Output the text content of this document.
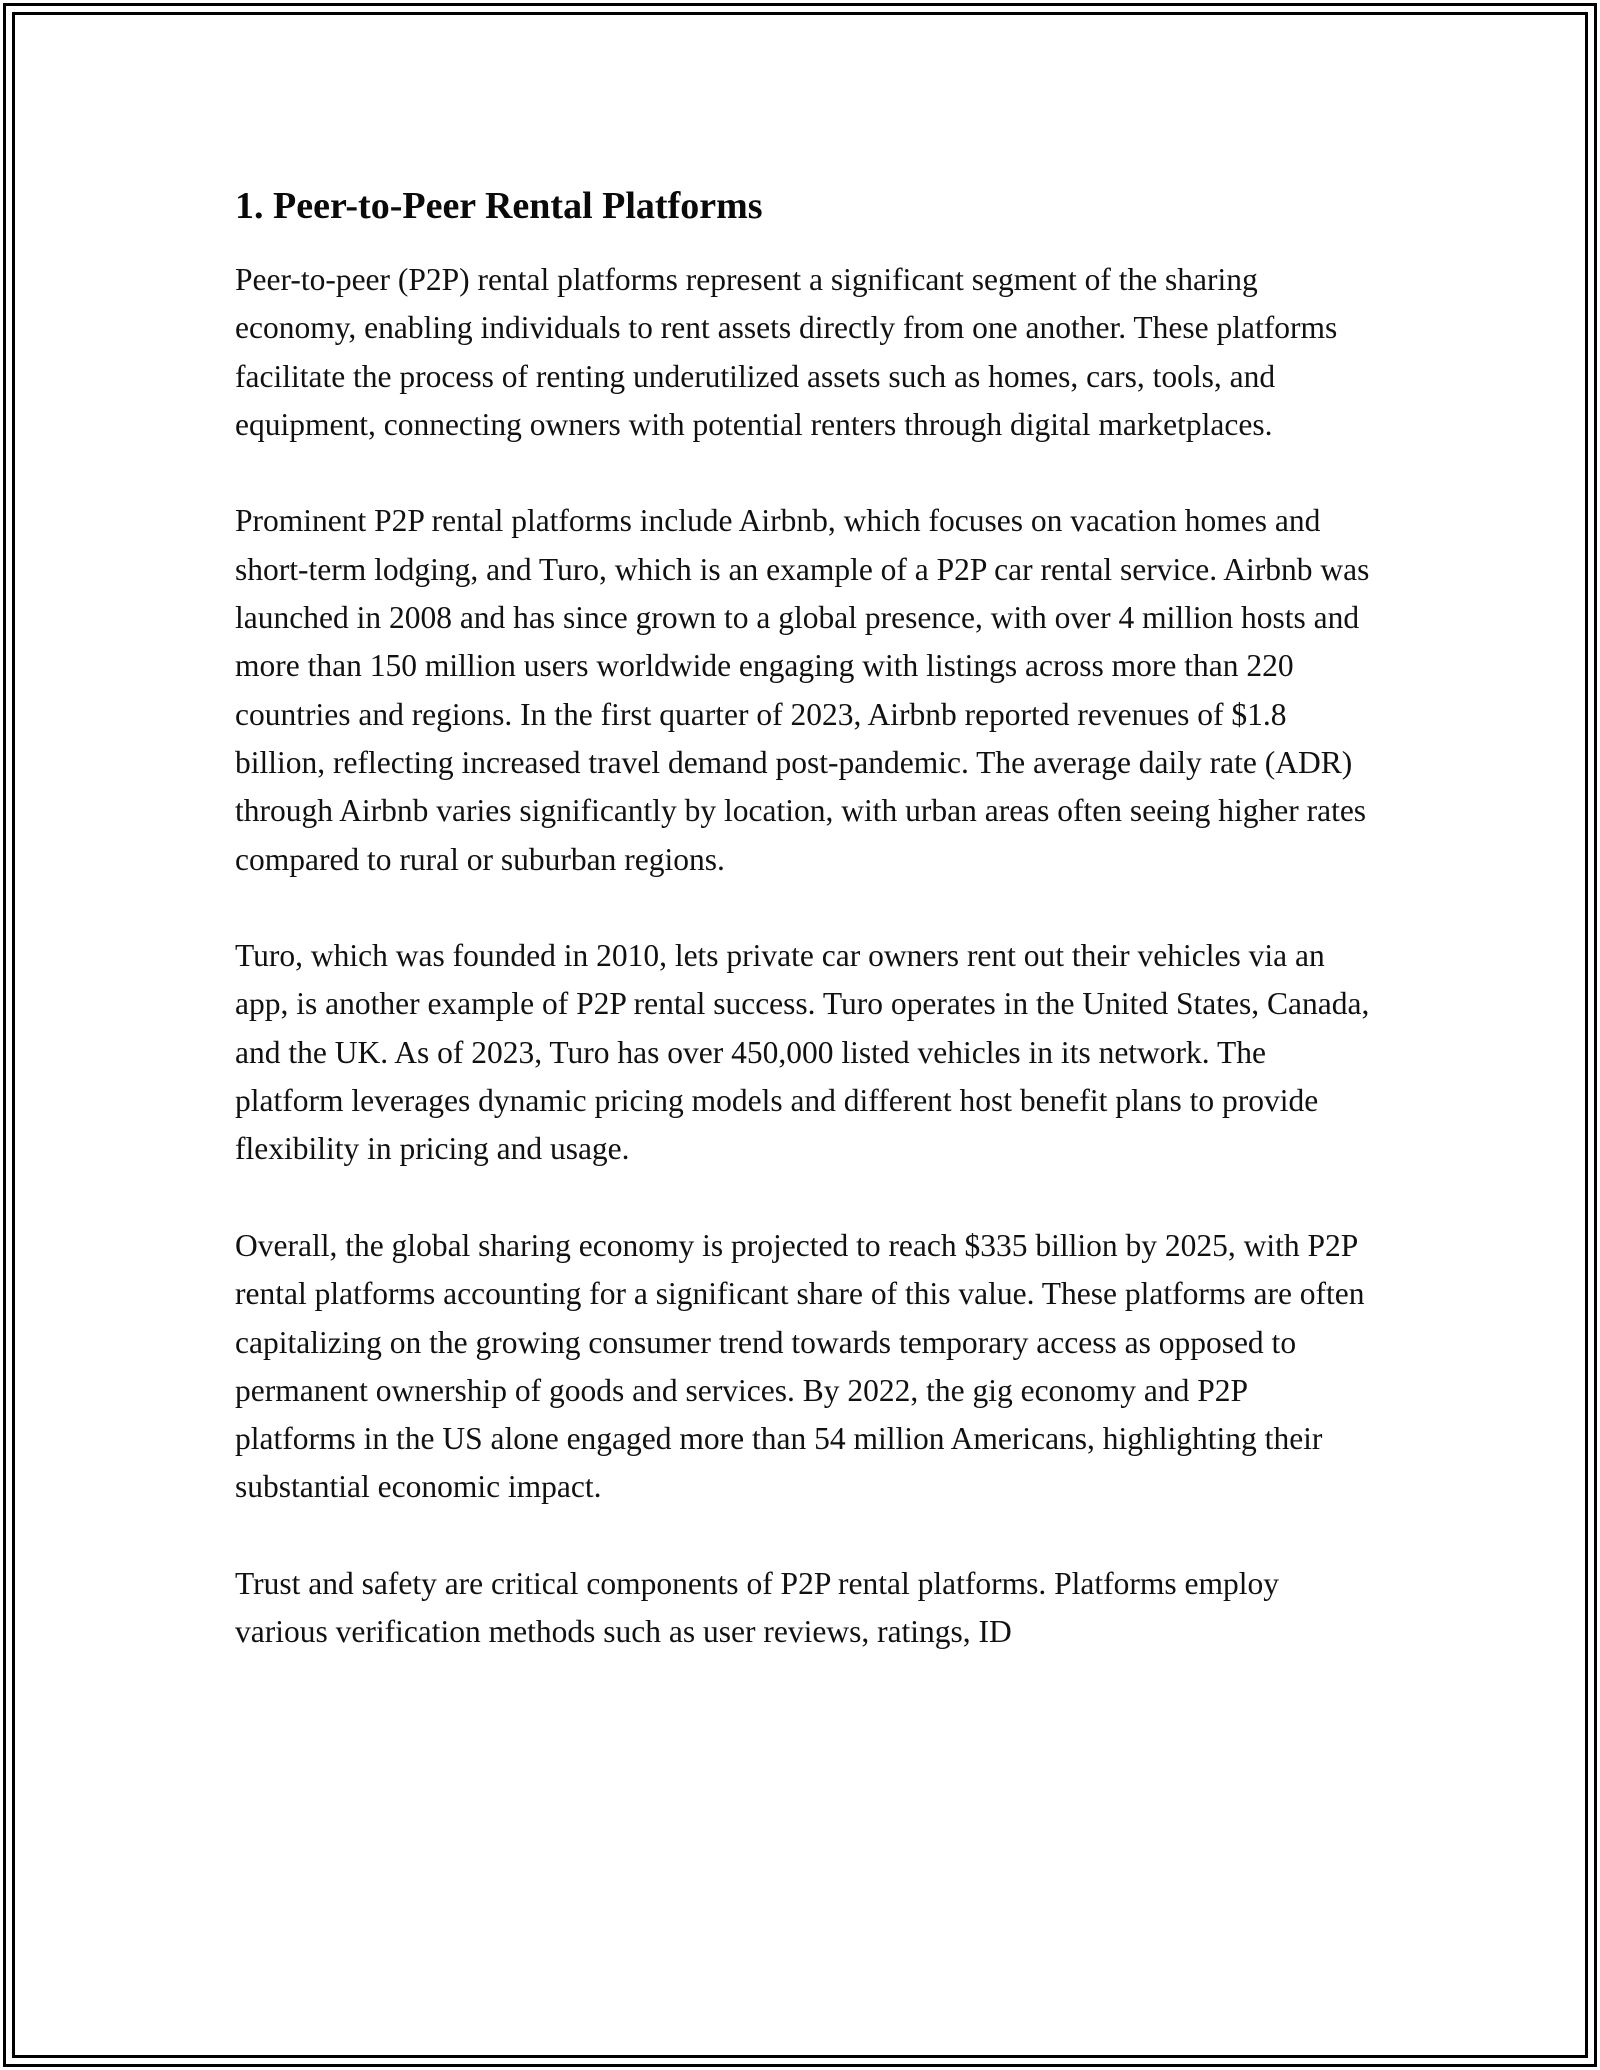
1. Peer-to-Peer Rental Platforms

Peer-to-peer (P2P) rental platforms represent a significant segment of the sharing economy, enabling individuals to rent assets directly from one another. These platforms facilitate the process of renting underutilized assets such as homes, cars, tools, and equipment, connecting owners with potential renters through digital marketplaces.

Prominent P2P rental platforms include Airbnb, which focuses on vacation homes and short-term lodging, and Turo, which is an example of a P2P car rental service. Airbnb was launched in 2008 and has since grown to a global presence, with over 4 million hosts and more than 150 million users worldwide engaging with listings across more than 220 countries and regions. In the first quarter of 2023, Airbnb reported revenues of $1.8 billion, reflecting increased travel demand post-pandemic. The average daily rate (ADR) through Airbnb varies significantly by location, with urban areas often seeing higher rates compared to rural or suburban regions.

Turo, which was founded in 2010, lets private car owners rent out their vehicles via an app, is another example of P2P rental success. Turo operates in the United States, Canada, and the UK. As of 2023, Turo has over 450,000 listed vehicles in its network. The platform leverages dynamic pricing models and different host benefit plans to provide flexibility in pricing and usage.

Overall, the global sharing economy is projected to reach $335 billion by 2025, with P2P rental platforms accounting for a significant share of this value. These platforms are often capitalizing on the growing consumer trend towards temporary access as opposed to permanent ownership of goods and services. By 2022, the gig economy and P2P platforms in the US alone engaged more than 54 million Americans, highlighting their substantial economic impact.

Trust and safety are critical components of P2P rental platforms. Platforms employ various verification methods such as user reviews, ratings, ID
